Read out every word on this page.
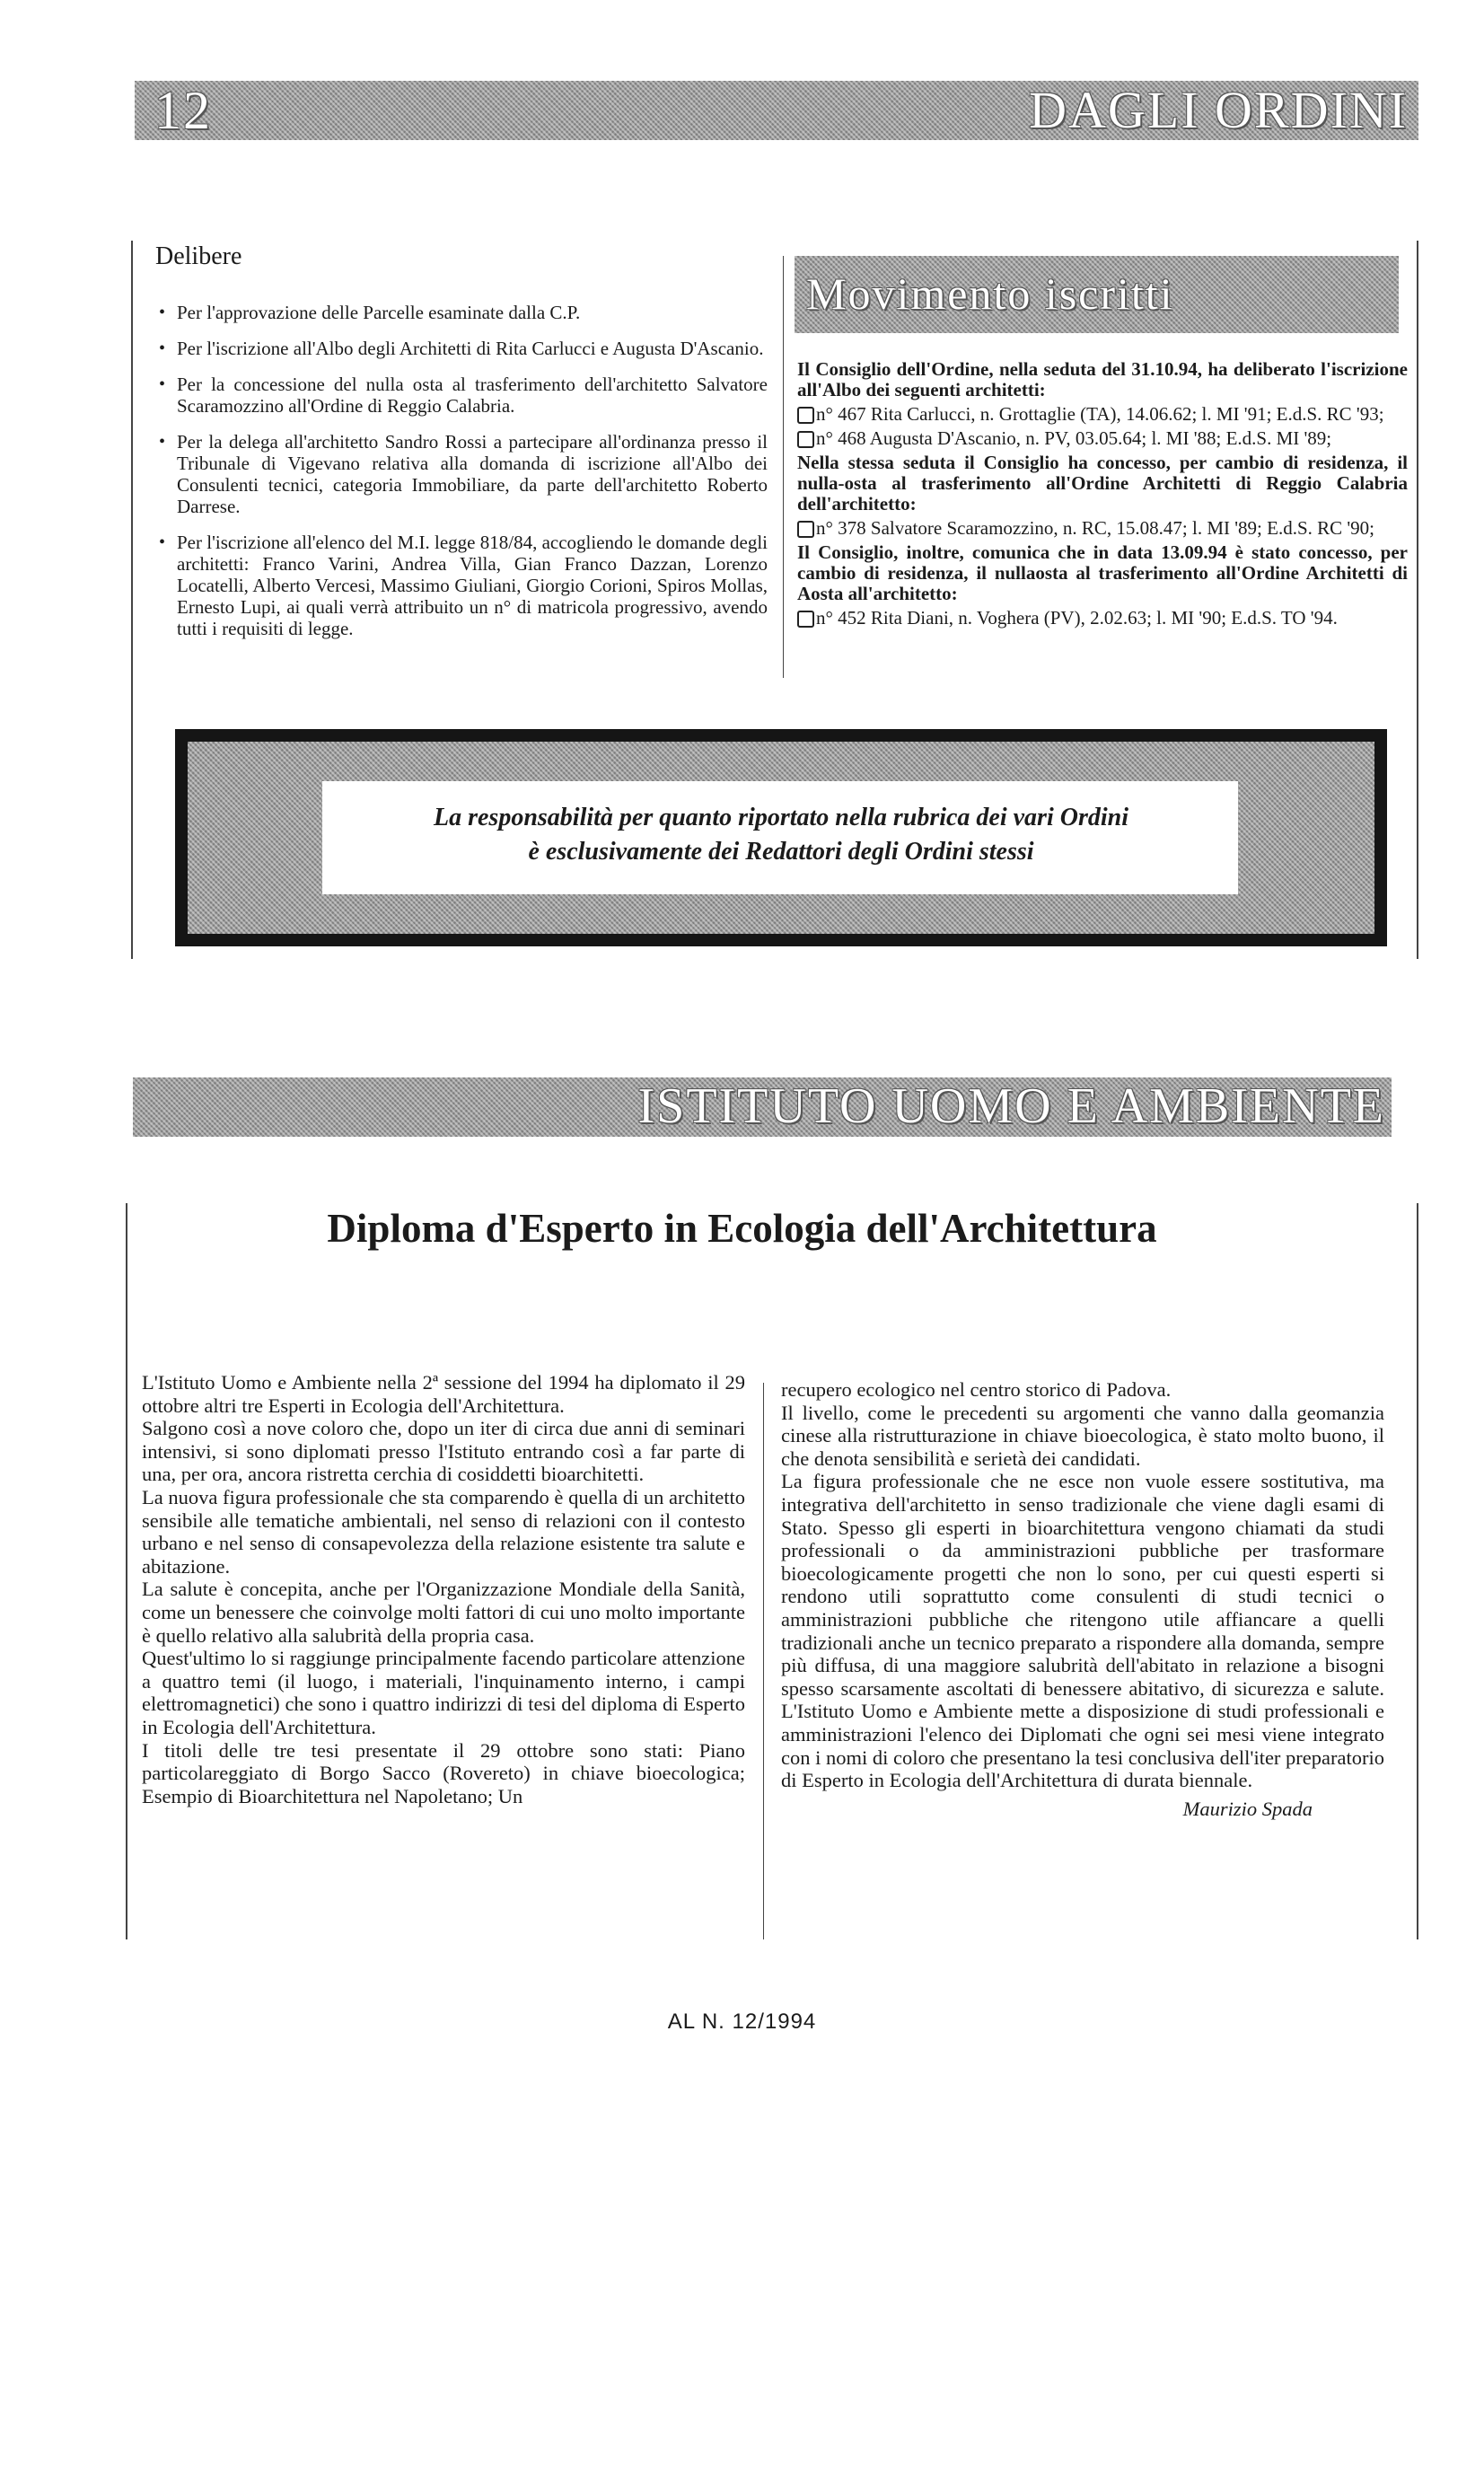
12	DAGLI ORDINI
Delibere
• Per l'approvazione delle Parcelle esaminate dalla C.P.
• Per l'iscrizione all'Albo degli Architetti di Rita Carlucci e Augusta D'Ascanio.
• Per la concessione del nulla osta al trasferimento dell'architetto Salvatore Scaramozzino all'Ordine di Reggio Calabria.
• Per la delega all'architetto Sandro Rossi a partecipare all'ordinanza presso il Tribunale di Vigevano relativa alla domanda di iscrizione all'Albo dei Consulenti tecnici, categoria Immobiliare, da parte dell'architetto Roberto Darrese.
• Per l'iscrizione all'elenco del M.I. legge 818/84, accogliendo le domande degli architetti: Franco Varini, Andrea Villa, Gian Franco Dazzan, Lorenzo Locatelli, Alberto Vercesi, Massimo Giuliani, Giorgio Corioni, Spiros Mollas, Ernesto Lupi, ai quali verrà attribuito un n° di matricola progressivo, avendo tutti i requisiti di legge.
Movimento iscritti

Il Consiglio dell'Ordine, nella seduta del 31.10.94, ha deliberato l'iscrizione all'Albo dei seguenti architetti:

n° 467 Rita Carlucci, n. Grottaglie (TA), 14.06.62; l. MI '91; E.d.S. RC '93;

n° 468 Augusta D'Ascanio, n. PV, 03.05.64; l. MI '88; E.d.S. MI '89;

Nella stessa seduta il Consiglio ha concesso, per cambio di residenza, il nulla-osta al trasferimento all'Ordine Architetti di Reggio Calabria dell'architetto:

n° 378 Salvatore Scaramozzino, n. RC, 15.08.47; l. MI '89; E.d.S. RC '90;

Il Consiglio, inoltre, comunica che in data 13.09.94 è stato concesso, per cambio di residenza, il nullaosta al trasferimento all'Ordine Architetti di Aosta all'architetto:

n° 452 Rita Diani, n. Voghera (PV), 2.02.63; l. MI '90; E.d.S. TO '94.

La responsabilità per quanto riportato nella rubrica dei vari Ordini
è esclusivamente dei Redattori degli Ordini stessi
ISTITUTO UOMO E AMBIENTE
Diploma d'Esperto in Ecologia dell'Architettura

L'Istituto Uomo e Ambiente nella 2ª sessione del 1994 ha diplomato il 29 ottobre altri tre Esperti in Ecologia dell'Architettura.

Salgono così a nove coloro che, dopo un iter di circa due anni di seminari intensivi, si sono diplomati presso l'Istituto entrando così a far parte di una, per ora, ancora ristretta cerchia di cosiddetti bioarchitetti.

La nuova figura professionale che sta comparendo è quella di un architetto sensibile alle tematiche ambientali, nel senso di relazioni con il contesto urbano e nel senso di consapevolezza della relazione esistente tra salute e abitazione.

La salute è concepita, anche per l'Organizzazione Mondiale della Sanità, come un benessere che coinvolge molti fattori di cui uno molto importante è quello relativo alla salubrità della propria casa.

Quest'ultimo lo si raggiunge principalmente facendo particolare attenzione a quattro temi (il luogo, i materiali, l'inquinamento interno, i campi elettromagnetici) che sono i quattro indirizzi di tesi del diploma di Esperto in Ecologia dell'Architettura.

I titoli delle tre tesi presentate il 29 ottobre sono stati: Piano particolareggiato di Borgo Sacco (Rovereto) in chiave bioecologica; Esempio di Bioarchitettura nel Napoletano; Un

recupero ecologico nel centro storico di Padova.

Il livello, come le precedenti su argomenti che vanno dalla geomanzia cinese alla ristrutturazione in chiave bioecologica, è stato molto buono, il che denota sensibilità e serietà dei candidati.

La figura professionale che ne esce non vuole essere sostitutiva, ma integrativa dell'architetto in senso tradizionale che viene dagli esami di Stato. Spesso gli esperti in bioarchitettura vengono chiamati da studi professionali o da amministrazioni pubbliche per trasformare bioecologicamente progetti che non lo sono, per cui questi esperti si rendono utili soprattutto come consulenti di studi tecnici o amministrazioni pubbliche che ritengono utile affiancare a quelli tradizionali anche un tecnico preparato a rispondere alla domanda, sempre più diffusa, di una maggiore salubrità dell'abitato in relazione a bisogni spesso scarsamente ascoltati di benessere abitativo, di sicurezza e salute. L'Istituto Uomo e Ambiente mette a disposizione di studi professionali e amministrazioni l'elenco dei Diplomati che ogni sei mesi viene integrato con i nomi di coloro che presentano la tesi conclusiva dell'iter preparatorio di Esperto in Ecologia dell'Architettura di durata biennale.

Maurizio Spada

AL N. 12/1994
